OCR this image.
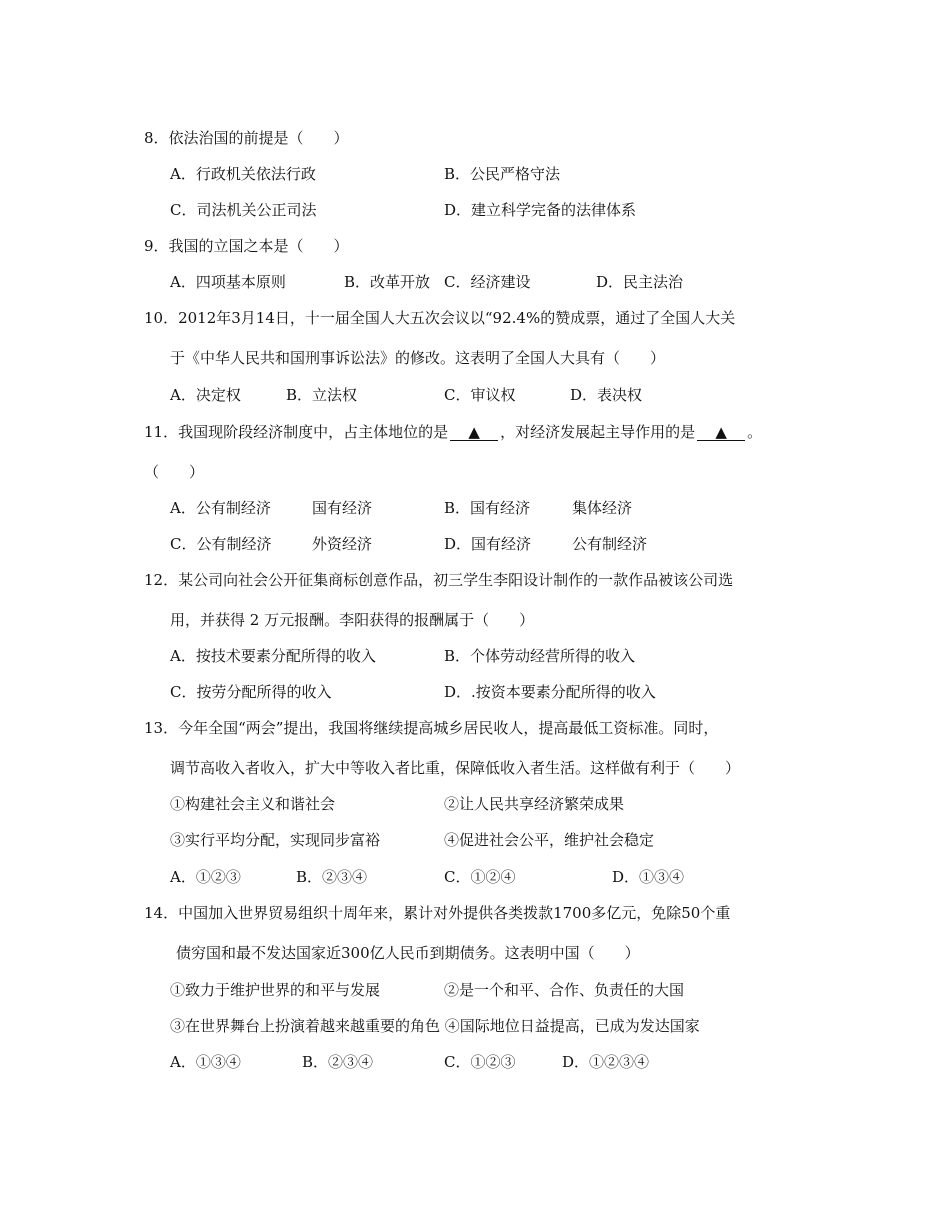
8．依法治国的前提是（　　）
A．行政机关依法行政	B．公民严格守法
C．司法机关公正司法	D．建立科学完备的法律体系
9．我国的立国之本是（　　）
A．四项基本原则	B．改革开放 C．经济建设	D．民主法治
10．2012年3月14日，十一届全国人大五次会议以“92.4%的赞成票，通过了全国人大关
于《中华人民共和国刑事诉讼法》的修改。这表明了全国人大具有（　　）
A．决定权	B．立法权	C．审议权	D．表决权
11．我国现阶段经济制度中，占主体地位的是 ▲ ，对经济发展起主导作用的是 ▲ 。
（　　）
A．公有制经济	国有经济	B．国有经济	集体经济
C．公有制经济	外资经济	D．国有经济	公有制经济
12．某公司向社会公开征集商标创意作品，初三学生李阳设计制作的一款作品被该公司选
用，并获得 2 万元报酬。李阳获得的报酬属于（　　）
A．按技术要素分配所得的收入	B．个体劳动经营所得的收入
C．按劳分配所得的收入	D．.按资本要素分配所得的收入
13．今年全国“两会”提出，我国将继续提高城乡居民收人，提高最低工资标准。同时，
调节高收入者收入，扩大中等收入者比重，保障低收入者生活。这样做有利于（　　）
①构建社会主义和谐社会	②让人民共享经济繁荣成果
③实行平均分配，实现同步富裕	④促进社会公平，维护社会稳定
A．①②③	B．②③④	C．①②④	D．①③④
14．中国加入世界贸易组织十周年来，累计对外提供各类拨款1700多亿元，免除50个重
债穷国和最不发达国家近300亿人民币到期债务。这表明中国（　　）
①致力于维护世界的和平与发展	②是一个和平、合作、负责任的大国
③在世界舞台上扮演着越来越重要的角色 ④国际地位日益提高，已成为发达国家
A．①③④	B．②③④	C．①②③	D．①②③④
